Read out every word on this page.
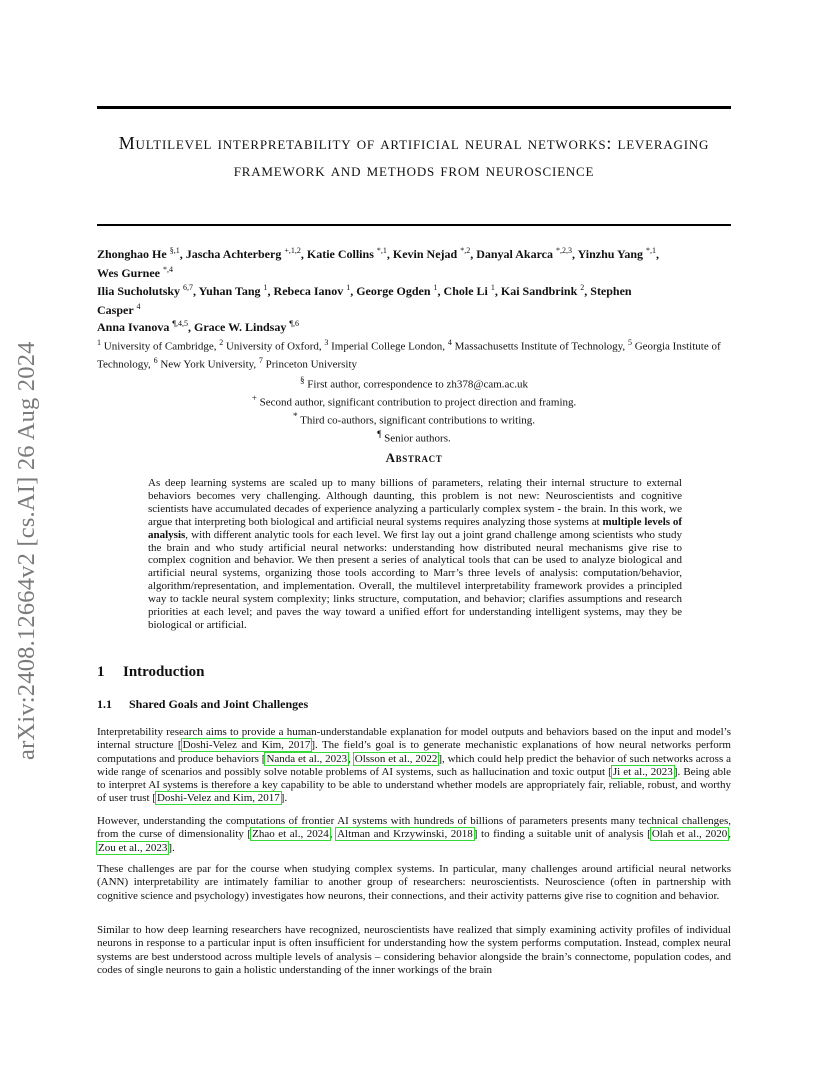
arXiv:2408.12664v2 [cs.AI] 26 Aug 2024
Multilevel interpretability of artificial neural networks: leveraging framework and methods from neuroscience
Zhonghao He $^{\S,1}$, Jascha Achterberg $^{+,1,2}$, Katie Collins $^{*,1}$, Kevin Nejad $^{*,2}$, Danyal Akarca $^{*,2,3}$, Yinzhu Yang $^{*,1}$,
Wes Gurnee $^{*,4}$
Ilia Sucholutsky $^{6,7}$, Yuhan Tang $^1$, Rebeca Ianov $^1$, George Ogden $^1$, Chole Li $^1$, Kai Sandbrink $^2$, Stephen
Casper $^4$
Anna Ivanova $^{\P,4,5}$, Grace W. Lindsay $^{\P,6}$
$^1$ University of Cambridge, $^2$ University of Oxford, $^3$ Imperial College London, $^4$ Massachusetts Institute of Technology, $^5$ Georgia Institute of Technology, $^6$ New York University, $^7$ Princeton University
§ First author, correspondence to zh378@cam.ac.uk
+ Second author, significant contribution to project direction and framing.
* Third co-authors, significant contributions to writing.
¶ Senior authors.
Abstract
As deep learning systems are scaled up to many billions of parameters, relating their internal structure to external behaviors becomes very challenging. Although daunting, this problem is not new: Neuroscientists and cognitive scientists have accumulated decades of experience analyzing a particularly complex system - the brain. In this work, we argue that interpreting both biological and artificial neural systems requires analyzing those systems at multiple levels of analysis, with different analytic tools for each level. We first lay out a joint grand challenge among scientists who study the brain and who study artificial neural networks: understanding how distributed neural mechanisms give rise to complex cognition and behavior. We then present a series of analytical tools that can be used to analyze biological and artificial neural systems, organizing those tools according to Marr’s three levels of analysis: computation/behavior, algorithm/representation, and implementation. Overall, the multilevel interpretability framework provides a principled way to tackle neural system complexity; links structure, computation, and behavior; clarifies assumptions and research priorities at each level; and paves the way toward a unified effort for understanding intelligent systems, may they be biological or artificial.
1 Introduction
1.1 Shared Goals and Joint Challenges
Interpretability research aims to provide a human-understandable explanation for model outputs and behaviors based on the input and model’s internal structure [Doshi-Velez and Kim, 2017]. The field’s goal is to generate mechanistic explanations of how neural networks perform computations and produce behaviors [Nanda et al., 2023, Olsson et al., 2022], which could help predict the behavior of such networks across a wide range of scenarios and possibly solve notable problems of AI systems, such as hallucination and toxic output [Ji et al., 2023]. Being able to interpret AI systems is therefore a key capability to be able to understand whether models are appropriately fair, reliable, robust, and worthy of user trust [Doshi-Velez and Kim, 2017].
However, understanding the computations of frontier AI systems with hundreds of billions of parameters presents many technical challenges, from the curse of dimensionality [Zhao et al., 2024, Altman and Krzywinski, 2018] to finding a suitable unit of analysis [Olah et al., 2020, Zou et al., 2023].
These challenges are par for the course when studying complex systems. In particular, many challenges around artificial neural networks (ANN) interpretability are intimately familiar to another group of researchers: neuroscientists. Neuroscience (often in partnership with cognitive science and psychology) investigates how neurons, their connections, and their activity patterns give rise to cognition and behavior.
Similar to how deep learning researchers have recognized, neuroscientists have realized that simply examining activity profiles of individual neurons in response to a particular input is often insufficient for understanding how the system performs computation. Instead, complex neural systems are best understood across multiple levels of analysis – considering behavior alongside the brain’s connectome, population codes, and codes of single neurons to gain a holistic understanding of the inner workings of the brain
